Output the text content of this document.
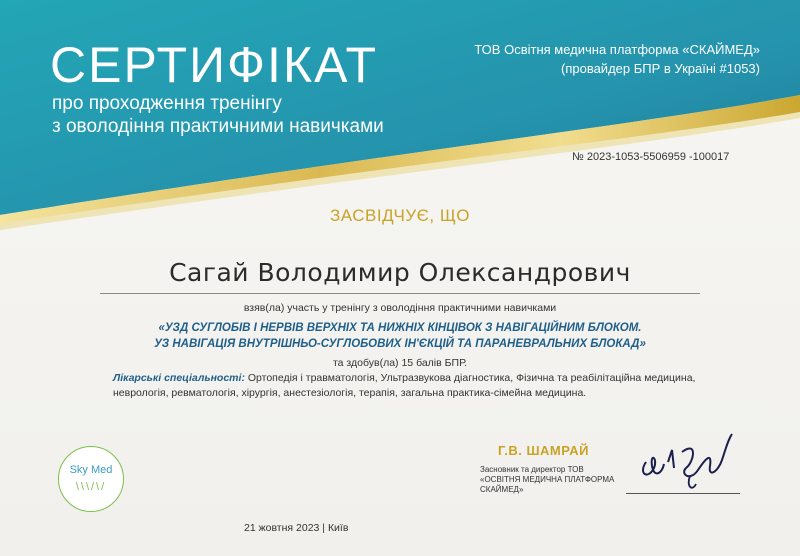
СЕРТИФІКАТ
про проходження тренінгу
з оволодіння практичними навичками
ТОВ Освітня медична платформа «СКАЙМЕД»
(провайдер БПР в Україні #1053)
№ 2023-1053-5506959 -100017
ЗАСВІДЧУЄ, ЩО
Сагай Володимир Олександрович
взяв(ла) участь у тренінгу з оволодіння практичними навичками
«УЗД СУГЛОБІВ І НЕРВІВ ВЕРХНІХ ТА НИЖНІХ КІНЦІВОК З НАВІГАЦІЙНИМ БЛОКОМ.
УЗ НАВІГАЦІЯ ВНУТРІШНЬО-СУГЛОБОВИХ ІН'ЄКЦІЙ ТА ПАРАНЕВРАЛЬНИХ БЛОКАД»
та здобув(ла) 15 балів БПР.
Лікарські спеціальності: Ортопедія і травматологія, Ультразвукова діагностика, Фізична та реабілітаційна медицина, неврологія, ревматологія, хірургія, анестезіологія, терапія, загальна практика-сімейна медицина.
Sky Med
\\\/\/
Г.В. ШАМРАЙ
Засновник та директор ТОВ «ОСВІТНЯ МЕДИЧНА ПЛАТФОРМА СКАЙМЕД»
21 жовтня 2023 | Київ
